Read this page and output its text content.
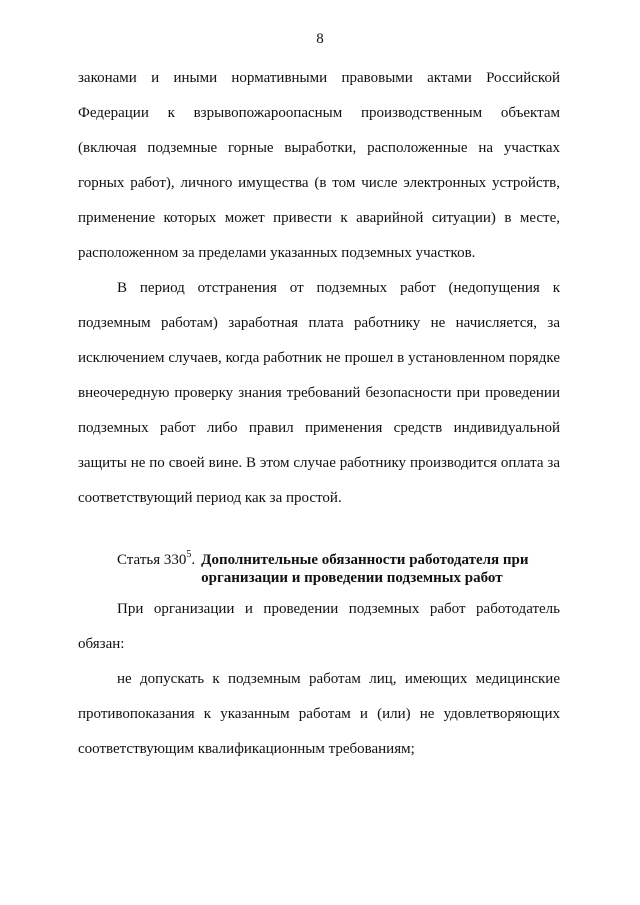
8
законами и иными нормативными правовыми актами Российской
Федерации к взрывопожароопасным производственным объектам
(включая подземные горные выработки, расположенные на участках
горных работ), личного имущества (в том числе электронных устройств,
применение которых может привести к аварийной ситуации) в месте,
расположенном за пределами указанных подземных участков.
В период отстранения от подземных работ (недопущения к
подземным работам) заработная плата работнику не начисляется, за
исключением случаев, когда работник не прошел в установленном порядке
внеочередную проверку знания требований безопасности при проведении
подземных работ либо правил применения средств индивидуальной
защиты не по своей вине. В этом случае работнику производится оплата за
соответствующий период как за простой.
Статья $330^5$. Дополнительные обязанности работодателя при
организации и проведении подземных работ
При организации и проведении подземных работ работодатель
обязан:
не допускать к подземным работам лиц, имеющих медицинские
противопоказания к указанным работам и (или) не удовлетворяющих
соответствующим квалификационным требованиям;
